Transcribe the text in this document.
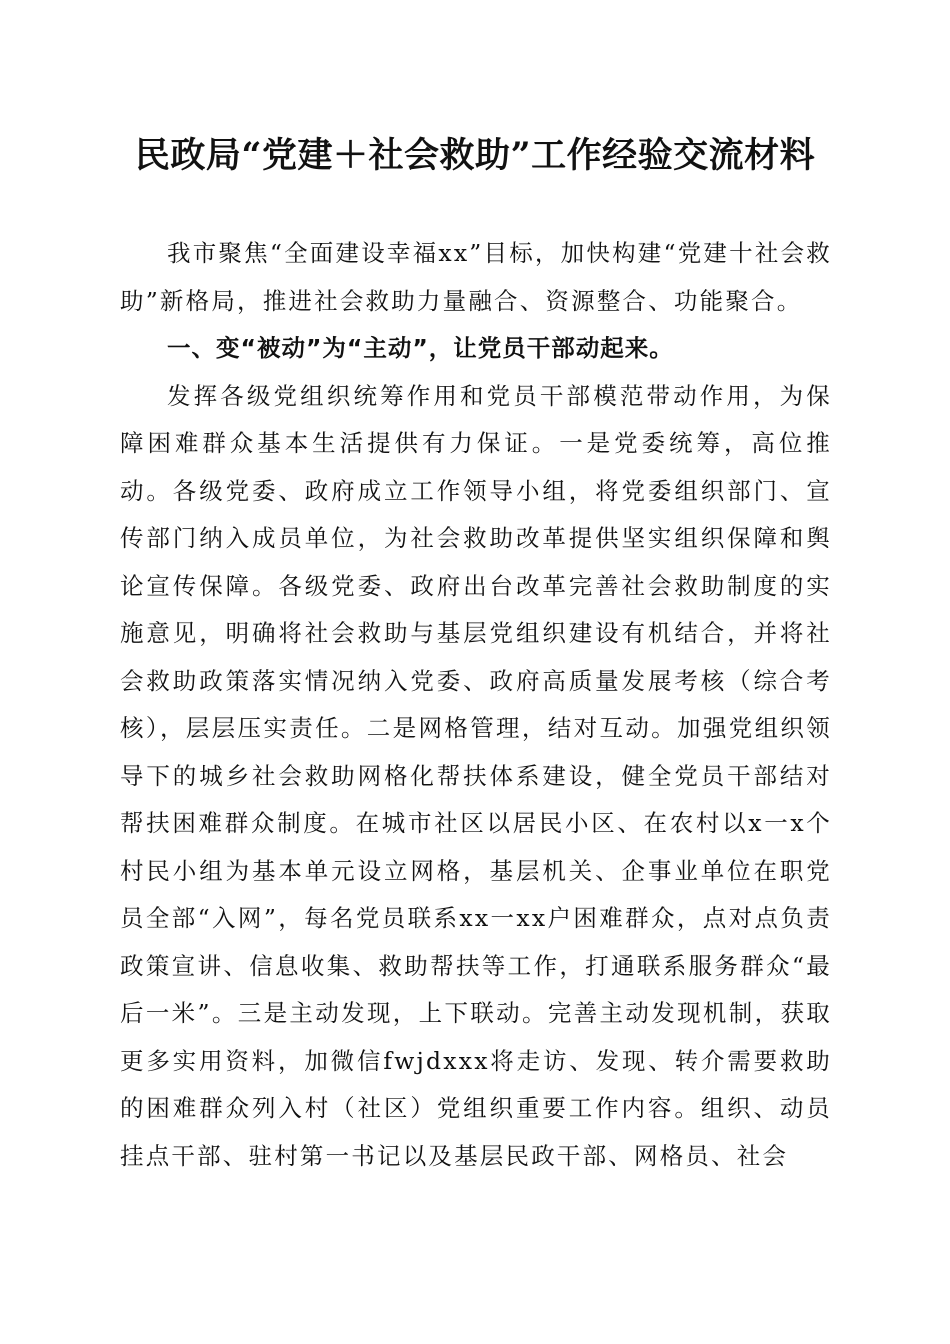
民政局“党建＋社会救助”工作经验交流材料

我市聚焦“全面建设幸福xx”目标，加快构建“党建十社会救助”新格局，推进社会救助力量融合、资源整合、功能聚合。

一、变“被动”为“主动”，让党员干部动起来。

发挥各级党组织统筹作用和党员干部模范带动作用，为保障困难群众基本生活提供有力保证。一是党委统筹，高位推动。各级党委、政府成立工作领导小组，将党委组织部门、宣传部门纳入成员单位，为社会救助改革提供坚实组织保障和舆论宣传保障。各级党委、政府出台改革完善社会救助制度的实施意见，明确将社会救助与基层党组织建设有机结合，并将社会救助政策落实情况纳入党委、政府高质量发展考核（综合考核），层层压实责任。二是网格管理，结对互动。加强党组织领导下的城乡社会救助网格化帮扶体系建设，健全党员干部结对帮扶困难群众制度。在城市社区以居民小区、在农村以x一x个村民小组为基本单元设立网格，基层机关、企事业单位在职党员全部“入网”，每名党员联系xx一xx户困难群众，点对点负责政策宣讲、信息收集、救助帮扶等工作，打通联系服务群众“最后一米”。三是主动发现，上下联动。完善主动发现机制，获取更多实用资料，加微信fwjdxxx将走访、发现、转介需要救助的困难群众列入村（社区）党组织重要工作内容。组织、动员挂点干部、驻村第一书记以及基层民政干部、网格员、社会
